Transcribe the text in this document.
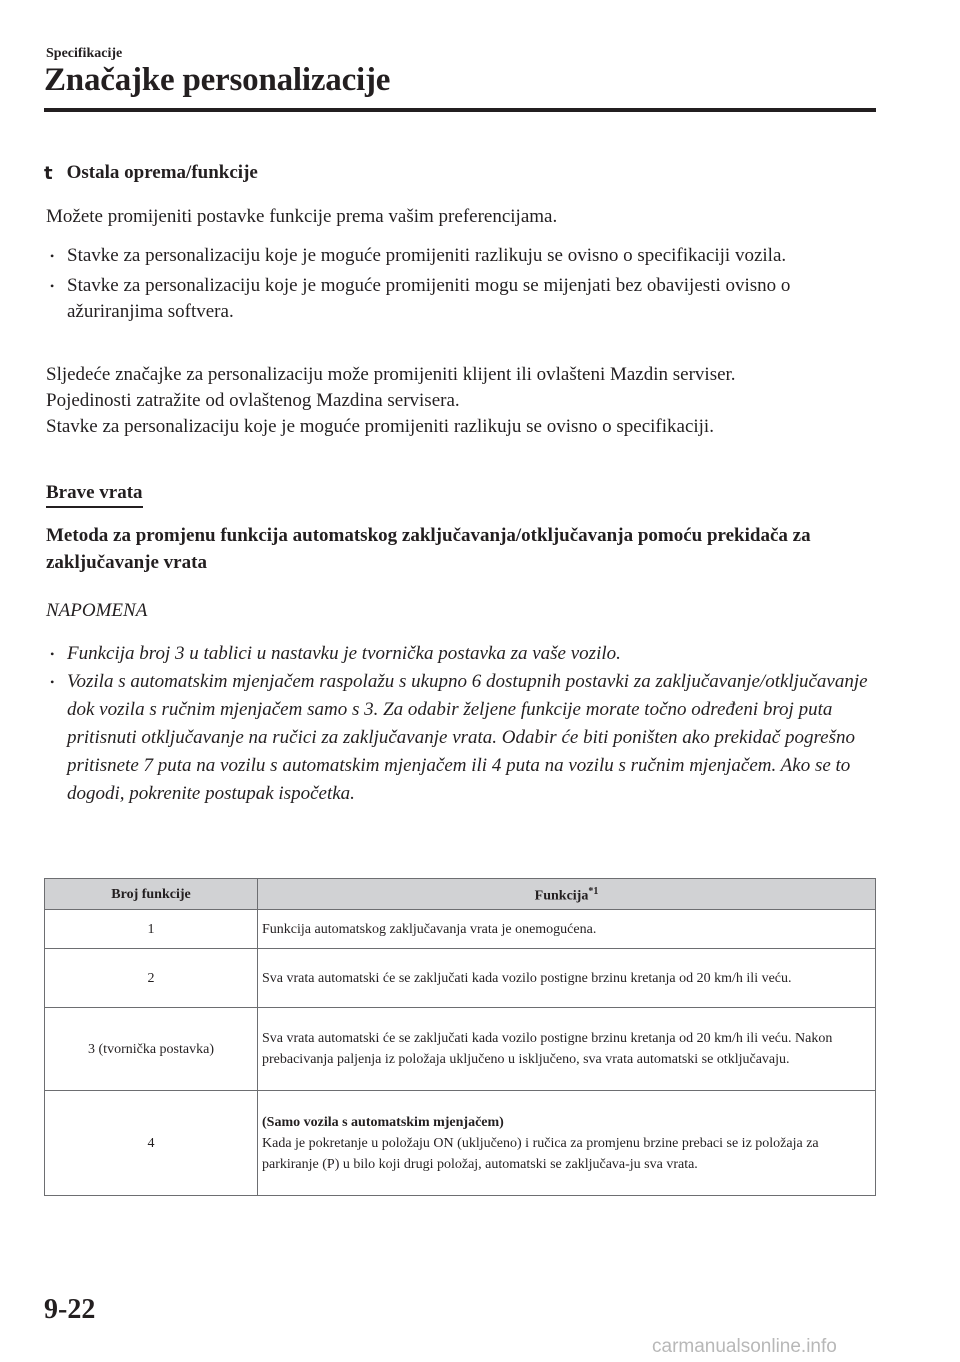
Specifikacije
Značajke personalizacije
t Ostala oprema/funkcije
Možete promijeniti postavke funkcije prema vašim preferencijama.
• Stavke za personalizaciju koje je moguće promijeniti razlikuju se ovisno o specifikaciji vozila.
• Stavke za personalizaciju koje je moguće promijeniti mogu se mijenjati bez obavijesti ovisno o ažuriranjima softvera.
Sljedeće značajke za personalizaciju može promijeniti klijent ili ovlašteni Mazdin serviser.
Pojedinosti zatražite od ovlaštenog Mazdina servisera.
Stavke za personalizaciju koje je moguće promijeniti razlikuju se ovisno o specifikaciji.
Brave vrata
Metoda za promjenu funkcija automatskog zaključavanja/otključavanja pomoću prekidača za zaključavanje vrata
NAPOMENA
• Funkcija broj 3 u tablici u nastavku je tvornička postavka za vaše vozilo.
• Vozila s automatskim mjenjačem raspolažu s ukupno 6 dostupnih postavki za zaključavanje/otključavanje dok vozila s ručnim mjenjačem samo s 3. Za odabir željene funkcije morate točno određeni broj puta pritisnuti otključavanje na ručici za zaključavanje vrata. Odabir će biti poništen ako prekidač pogrešno pritisnete 7 puta na vozilu s automatskim mjenjačem ili 4 puta na vozilu s ručnim mjenjačem. Ako se to dogodi, pokrenite postupak ispočetka.
Broj funkcije	Funkcija$^{*1}$
1	Funkcija automatskog zaključavanja vrata je onemogućena.
2	Sva vrata automatski će se zaključati kada vozilo postigne brzinu kretanja od 20 km/h ili veću.
3 (tvornička postavka)	Sva vrata automatski će se zaključati kada vozilo postigne brzinu kretanja od 20 km/h ili veću. Nakon prebacivanja paljenja iz položaja uključeno u isključeno, sva vrata automatski se otključavaju.
4	(Samo vozila s automatskim mjenjačem)
Kada je pokretanje u položaju ON (uključeno) i ručica za promjenu brzine prebaci se iz položaja za parkiranje (P) u bilo koji drugi položaj, automatski se zaključava-ju sva vrata.
9-22
carmanualsonline.info
